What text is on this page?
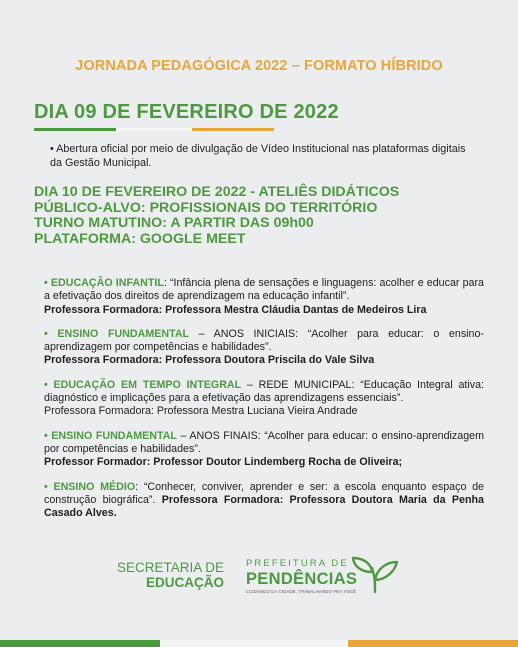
JORNADA PEDAGÓGICA 2022 – FORMATO HÍBRIDO
DIA 09 DE FEVEREIRO DE 2022
• Abertura oficial por meio de divulgação de Vídeo Institucional nas plataformas digitais da Gestão Municipal.
DIA 10 DE FEVEREIRO DE 2022 - ATELIÊS DIDÁTICOS
PÚBLICO-ALVO: PROFISSIONAIS DO TERRITÓRIO
TURNO MATUTINO: A PARTIR DAS 09h00
PLATAFORMA: GOOGLE MEET

• EDUCAÇÃO INFANTIL: “Infância plena de sensações e linguagens: acolher e educar para a efetivação dos direitos de aprendizagem na educação infantil”.

Professora Formadora: Professora Mestra Cláudia Dantas de Medeiros Lira

• ENSINO FUNDAMENTAL – ANOS INICIAIS: “Acolher para educar: o ensino-aprendizagem por competências e habilidades”.

Professora Formadora: Professora Doutora Priscila do Vale Silva

• EDUCAÇÃO EM TEMPO INTEGRAL – REDE MUNICIPAL: “Educação Integral ativa: diagnóstico e implicações para a efetivação das aprendizagens essenciais”.

Professora Formadora: Professora Mestra Luciana Vieira Andrade

• ENSINO FUNDAMENTAL – ANOS FINAIS: “Acolher para educar: o ensino-aprendizagem por competências e habilidades”.

Professor Formador: Professor Doutor Lindemberg Rocha de Oliveira;

• ENSINO MÉDIO: “Conhecer, conviver, aprender e ser: a escola enquanto espaço de construção biográfica”. Professora Formadora: Professora Doutora Maria da Penha Casado Alves.

SECRETARIA DE
EDUCAÇÃO
PREFEITURA DE
PENDÊNCIAS
CUIDANDO DA CIDADE, TRABALHANDO PRA VOCÊ
